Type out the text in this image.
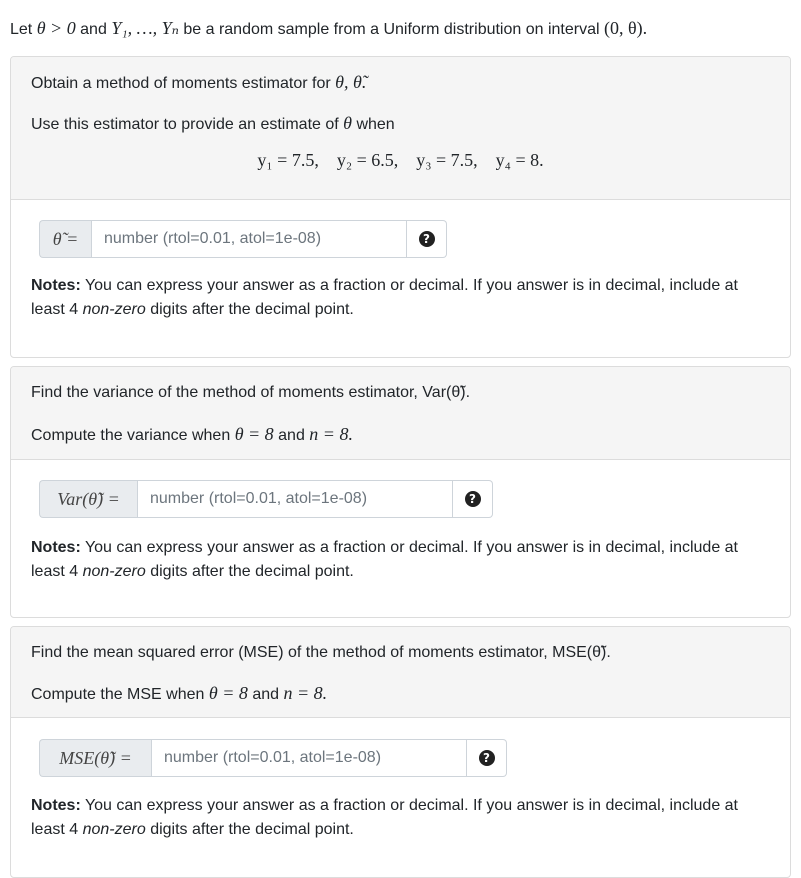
Let θ > 0 and Y₁, …, Yₙ be a random sample from a Uniform distribution on interval (0, θ).
Obtain a method of moments estimator for θ, θ̃.
Use this estimator to provide an estimate of θ when
y₁ = 7.5,    y₂ = 6.5,    y₃ = 7.5,    y₄ = 8.
θ̃ =
number (rtol=0.01, atol=1e-08)	?
Notes: You can express your answer as a fraction or decimal. If you answer is in decimal, include at least 4 non-zero digits after the decimal point.
Find the variance of the method of moments estimator, Var(θ̃).
Compute the variance when θ = 8 and n = 8.
Var(θ̃) =
number (rtol=0.01, atol=1e-08)	?
Notes: You can express your answer as a fraction or decimal. If you answer is in decimal, include at least 4 non-zero digits after the decimal point.
Find the mean squared error (MSE) of the method of moments estimator, MSE(θ̃).
Compute the MSE when θ = 8 and n = 8.
MSE(θ̃) =
number (rtol=0.01, atol=1e-08)	?
Notes: You can express your answer as a fraction or decimal. If you answer is in decimal, include at least 4 non-zero digits after the decimal point.
